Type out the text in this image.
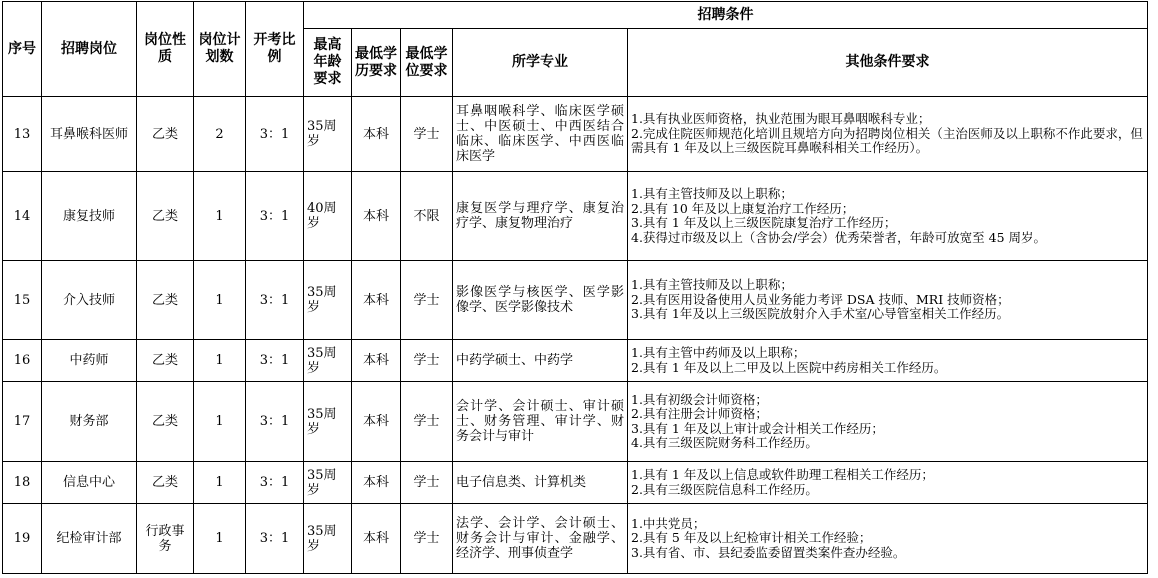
序号	招聘岗位	岗位性质	岗位计划数	开考比例	招聘条件				
					最高年龄要求	最低学历要求	最低学位要求	所学专业	其他条件要求
13	耳鼻喉科医师	乙类	2	3：1	35周岁	本科	学士	耳鼻咽喉科学、临床医学硕士、中医硕士、中西医结合临床、临床医学、中西医临床医学	1.具有执业医师资格，执业范围为眼耳鼻咽喉科专业；
2.完成住院医师规范化培训且规培方向为招聘岗位相关（主治医师及以上职称不作此要求，但需具有 1 年及以上三级医院耳鼻喉科相关工作经历）。

14	康复技师	乙类	1	3：1	40周岁	本科	不限	康复医学与理疗学、康复治疗学、康复物理治疗	1.具有主管技师及以上职称；
2.具有 10 年及以上康复治疗工作经历；
3.具有 1 年及以上三级医院康复治疗工作经历；
4.获得过市级及以上（含协会/学会）优秀荣誉者，年龄可放宽至 45 周岁。

15	介入技师	乙类	1	3：1	35周岁	本科	学士	影像医学与核医学、医学影像学、医学影像技术	1.具有主管技师及以上职称；
2.具有医用设备使用人员业务能力考评 DSA 技师、MRI 技师资格；
3.具有 1年及以上三级医院放射介入手术室/心导管室相关工作经历。

16	中药师	乙类	1	3：1	35周岁	本科	学士	中药学硕士、中药学	1.具有主管中药师及以上职称；
2.具有 1 年及以上二甲及以上医院中药房相关工作经历。

17	财务部	乙类	1	3：1	35周岁	本科	学士	会计学、会计硕士、审计硕士、财务管理、审计学、财务会计与审计	1.具有初级会计师资格；
2.具有注册会计师资格；
3.具有 1 年及以上审计或会计相关工作经历；
4.具有三级医院财务科工作经历。

18	信息中心	乙类	1	3：1	35周岁	本科	学士	电子信息类、计算机类	1.具有 1 年及以上信息或软件助理工程相关工作经历；
2.具有三级医院信息科工作经历。

19	纪检审计部	行政事务	1	3：1	35周岁	本科	学士	法学、会计学、会计硕士、财务会计与审计、金融学、经济学、刑事侦查学	1.中共党员；
2.具有 5 年及以上纪检审计相关工作经验；
3.具有省、市、县纪委监委留置类案件查办经验。
